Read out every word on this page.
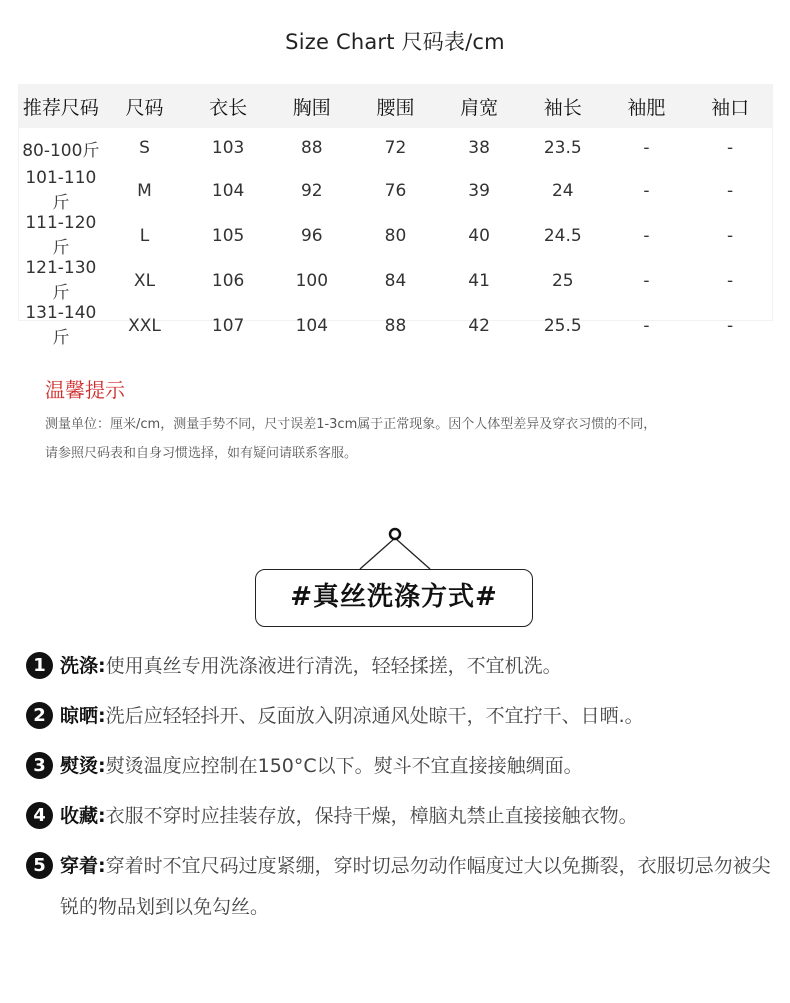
Size Chart 尺码表/cm
推荐尺码	尺码	衣长	胸围	腰围	肩宽	袖长	袖肥	袖口
80-100斤	S	103	88	72	38	23.5	-	-
101-110斤	M	104	92	76	39	24	-	-
111-120斤	L	105	96	80	40	24.5	-	-
121-130斤	XL	106	100	84	41	25	-	-
131-140斤	XXL	107	104	88	42	25.5	-	-
温馨提示
测量单位：厘米/cm，测量手势不同，尺寸误差1-3cm属于正常现象。因个人体型差异及穿衣习惯的不同，
请参照尺码表和自身习惯选择，如有疑问请联系客服。
#真丝洗涤方式#
1 洗涤:使用真丝专用洗涤液进行清洗，轻轻揉搓，不宜机洗。
2 晾晒:洗后应轻轻抖开、反面放入阴凉通风处晾干，不宜拧干、日晒.。
3 熨烫:熨烫温度应控制在150°C以下。熨斗不宜直接接触绸面。
4 收藏:衣服不穿时应挂装存放，保持干燥，樟脑丸禁止直接接触衣物。
5 穿着:穿着时不宜尺码过度紧绷，穿时切忌勿动作幅度过大以免撕裂，衣服切忌勿被尖锐的物品划到以免勾丝。
